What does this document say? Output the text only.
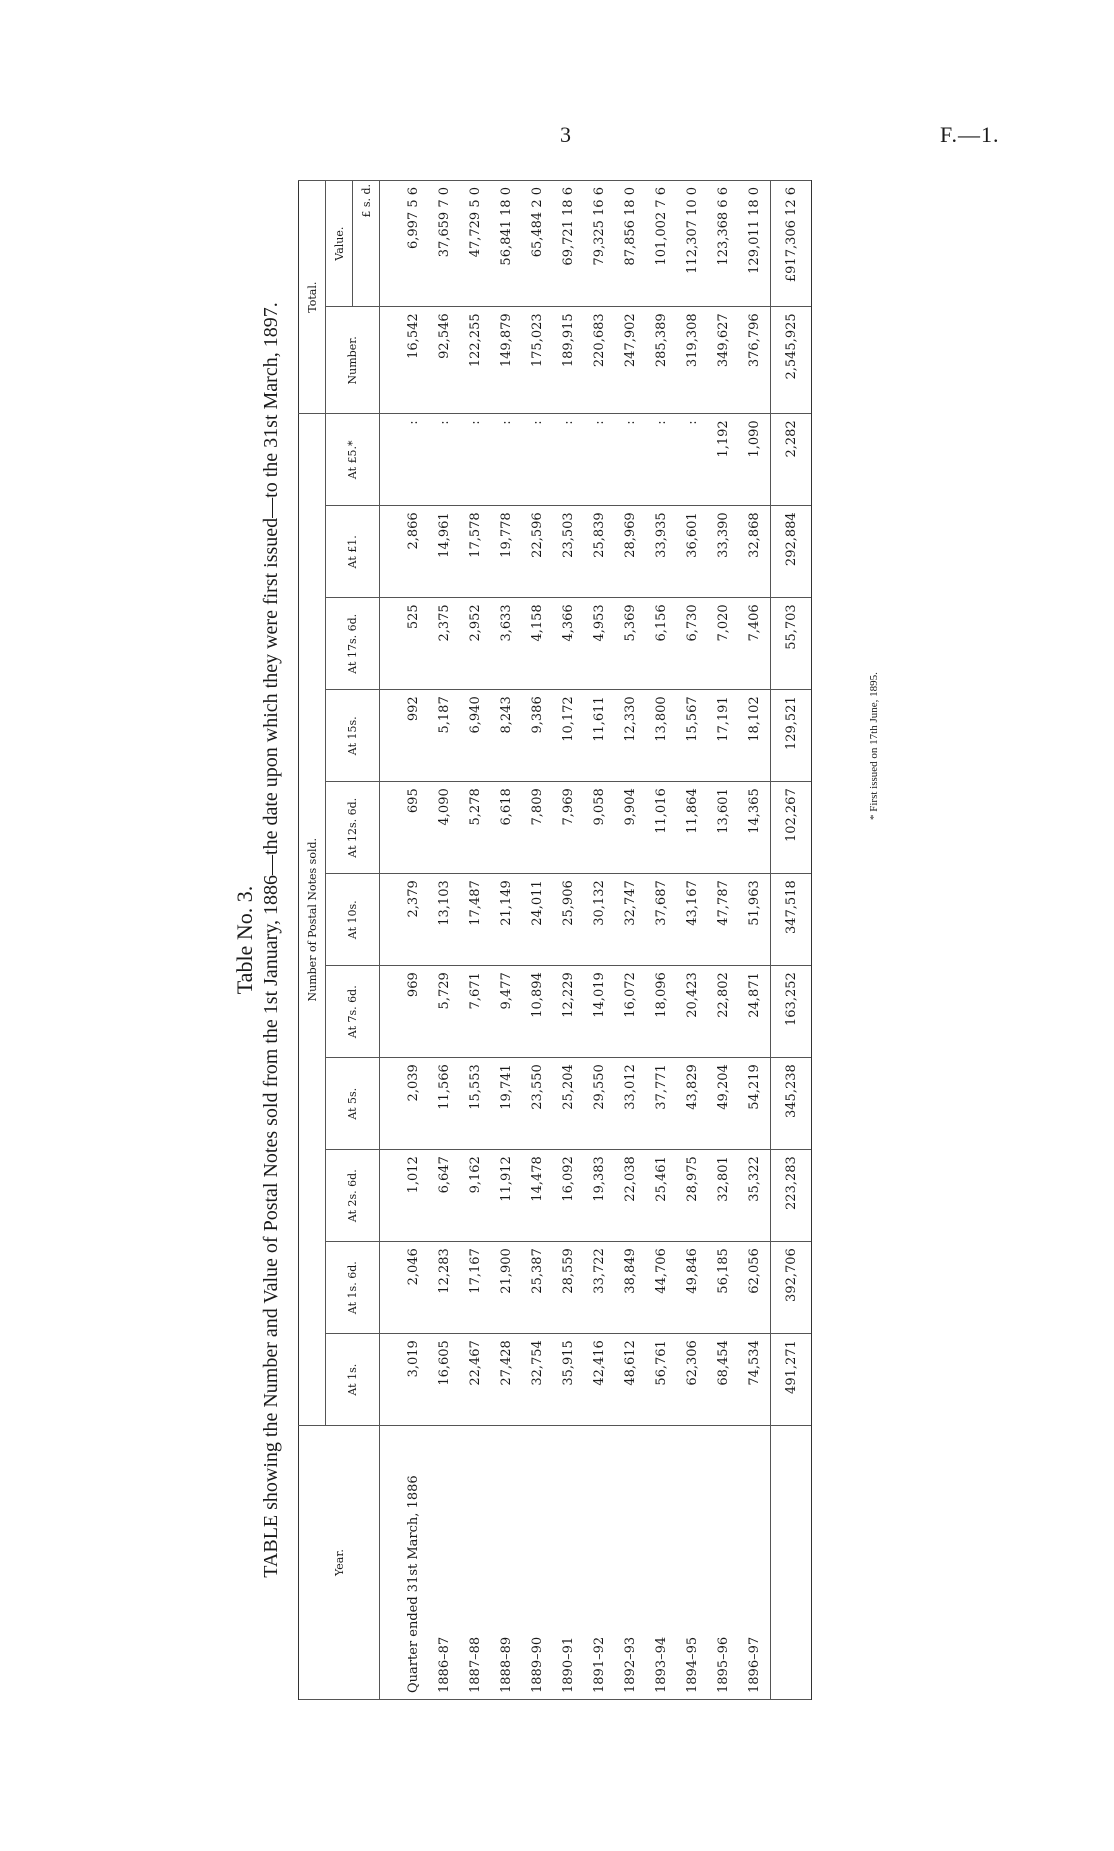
3	F.—1.
Table No. 3. TABLE showing the Number and Value of Postal Notes sold from the 1st January, 1886—the date upon which they were first issued—to the 31st March, 1897.	Year.	Number of Postal Notes sold.											Total.	
	At 1s.	At 1s. 6d.	At 2s. 6d.	At 5s.	At 7s. 6d.	At 10s.	At 12s. 6d.	At 15s.	At 17s. 6d.	At £1.	At £5.*	Number.	Value.
													£ s. d.
Quarter ended 31st March, 1886	3,019	2,046	1,012	2,039	969	2,379	695	992	525	2,866	:	16,542	6,997 5 6
1886–87	16,605	12,283	6,647	11,566	5,729	13,103	4,090	5,187	2,375	14,961	:	92,546	37,659 7 0
1887–88	22,467	17,167	9,162	15,553	7,671	17,487	5,278	6,940	2,952	17,578	:	122,255	47,729 5 0
1888–89	27,428	21,900	11,912	19,741	9,477	21,149	6,618	8,243	3,633	19,778	:	149,879	56,841 18 0
1889–90	32,754	25,387	14,478	23,550	10,894	24,011	7,809	9,386	4,158	22,596	:	175,023	65,484 2 0
1890–91	35,915	28,559	16,092	25,204	12,229	25,906	7,969	10,172	4,366	23,503	:	189,915	69,721 18 6
1891–92	42,416	33,722	19,383	29,550	14,019	30,132	9,058	11,611	4,953	25,839	:	220,683	79,325 16 6
1892–93	48,612	38,849	22,038	33,012	16,072	32,747	9,904	12,330	5,369	28,969	:	247,902	87,856 18 0
1893–94	56,761	44,706	25,461	37,771	18,096	37,687	11,016	13,800	6,156	33,935	:	285,389	101,002 7 6
1894–95	62,306	49,846	28,975	43,829	20,423	43,167	11,864	15,567	6,730	36,601	:	319,308	112,307 10 0
1895–96	68,454	56,185	32,801	49,204	22,802	47,787	13,601	17,191	7,020	33,390	1,192	349,627	123,368 6 6
1896–97	74,534	62,056	35,322	54,219	24,871	51,963	14,365	18,102	7,406	32,868	1,090	376,796	129,011 18 0
	491,271	392,706	223,283	345,238	163,252	347,518	102,267	129,521	55,703	292,884	2,282	2,545,925	£917,306 12 6
* First issued on 17th June, 1895.
